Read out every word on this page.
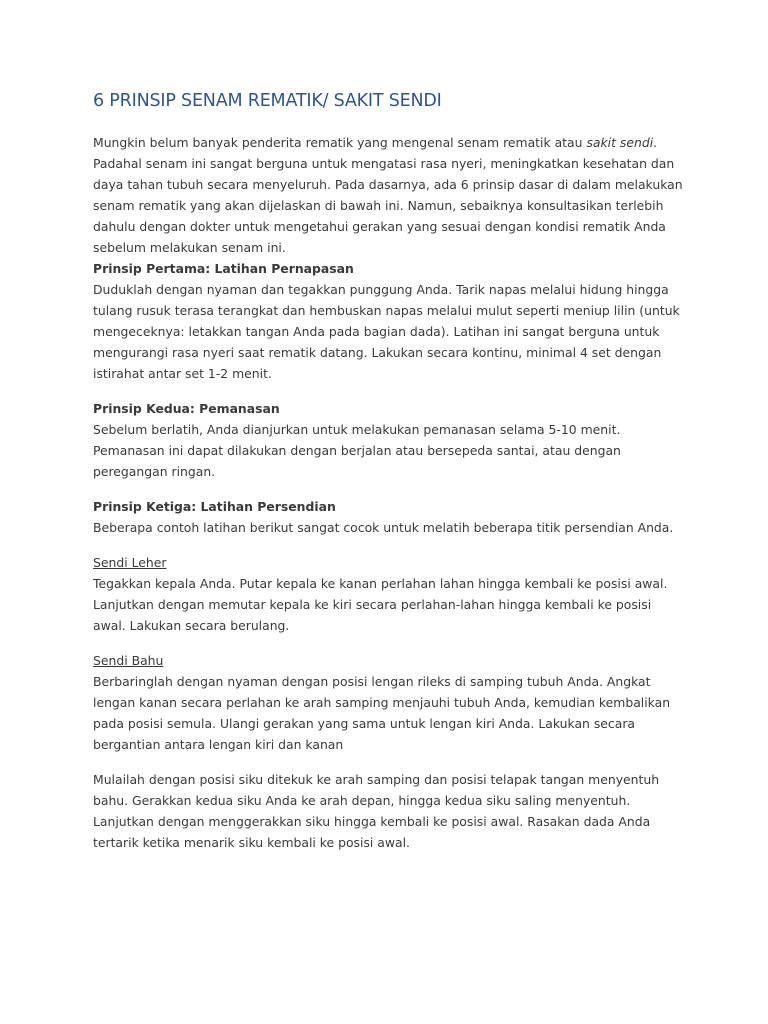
6 PRINSIP SENAM REMATIK/ SAKIT SENDI

Mungkin belum banyak penderita rematik yang mengenal senam rematik atau sakit sendi. Padahal senam ini sangat berguna untuk mengatasi rasa nyeri, meningkatkan kesehatan dan daya tahan tubuh secara menyeluruh. Pada dasarnya, ada 6 prinsip dasar di dalam melakukan senam rematik yang akan dijelaskan di bawah ini. Namun, sebaiknya konsultasikan terlebih dahulu dengan dokter untuk mengetahui gerakan yang sesuai dengan kondisi rematik Anda sebelum melakukan senam ini.

Prinsip Pertama: Latihan Pernapasan

Duduklah dengan nyaman dan tegakkan punggung Anda. Tarik napas melalui hidung hingga tulang rusuk terasa terangkat dan hembuskan napas melalui mulut seperti meniup lilin (untuk mengeceknya: letakkan tangan Anda pada bagian dada). Latihan ini sangat berguna untuk mengurangi rasa nyeri saat rematik datang. Lakukan secara kontinu, minimal 4 set dengan istirahat antar set 1-2 menit.

Prinsip Kedua: Pemanasan

Sebelum berlatih, Anda dianjurkan untuk melakukan pemanasan selama 5-10 menit. Pemanasan ini dapat dilakukan dengan berjalan atau bersepeda santai, atau dengan peregangan ringan.

Prinsip Ketiga: Latihan Persendian

Beberapa contoh latihan berikut sangat cocok untuk melatih beberapa titik persendian Anda.

Sendi Leher

Tegakkan kepala Anda. Putar kepala ke kanan perlahan lahan hingga kembali ke posisi awal. Lanjutkan dengan memutar kepala ke kiri secara perlahan-lahan hingga kembali ke posisi awal. Lakukan secara berulang.

Sendi Bahu

Berbaringlah dengan nyaman dengan posisi lengan rileks di samping tubuh Anda. Angkat lengan kanan secara perlahan ke arah samping menjauhi tubuh Anda, kemudian kembalikan pada posisi semula. Ulangi gerakan yang sama untuk lengan kiri Anda. Lakukan secara bergantian antara lengan kiri dan kanan

Mulailah dengan posisi siku ditekuk ke arah samping dan posisi telapak tangan menyentuh bahu. Gerakkan kedua siku Anda ke arah depan, hingga kedua siku saling menyentuh. Lanjutkan dengan menggerakkan siku hingga kembali ke posisi awal. Rasakan dada Anda tertarik ketika menarik siku kembali ke posisi awal.
